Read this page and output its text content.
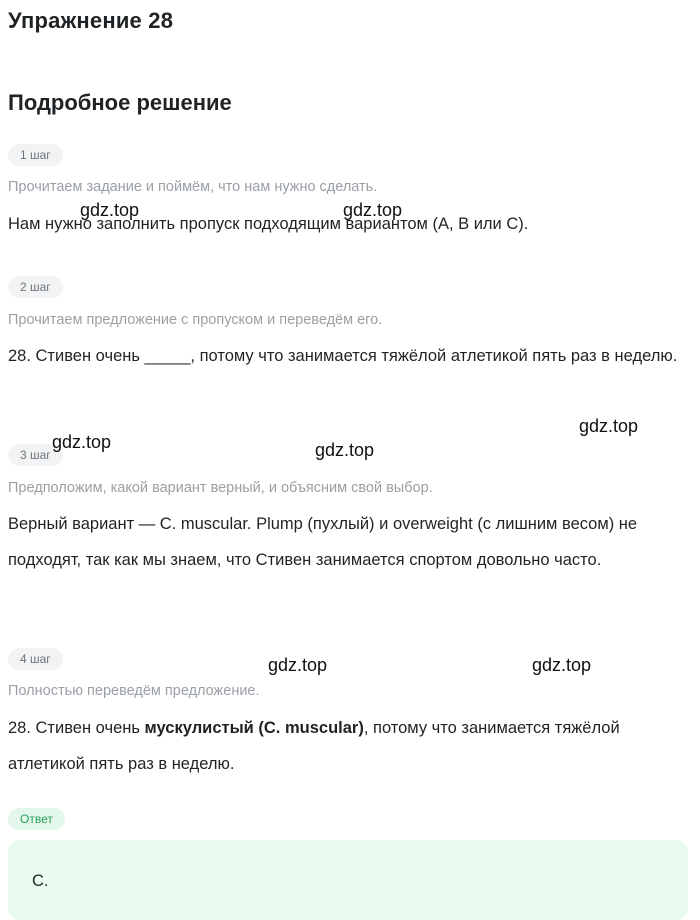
Упражнение 28
Подробное решение
1 шаг
Прочитаем задание и поймём, что нам нужно сделать.
Нам нужно заполнить пропуск подходящим вариантом (A, B или C).
2 шаг
Прочитаем предложение с пропуском и переведём его.
28. Стивен очень _____, потому что занимается тяжёлой атлетикой пять раз в неделю.
3 шаг
Предположим, какой вариант верный, и объясним свой выбор.
Верный вариант — C. muscular. Plump (пухлый) и overweight (с лишним весом) не подходят, так как мы знаем, что Стивен занимается спортом довольно часто.
4 шаг
Полностью переведём предложение.
28. Стивен очень мускулистый (C. muscular), потому что занимается тяжёлой атлетикой пять раз в неделю.
Ответ
C.
gdz.top	gdz.top
gdz.top
gdz.top	gdz.top
gdz.top	gdz.top
